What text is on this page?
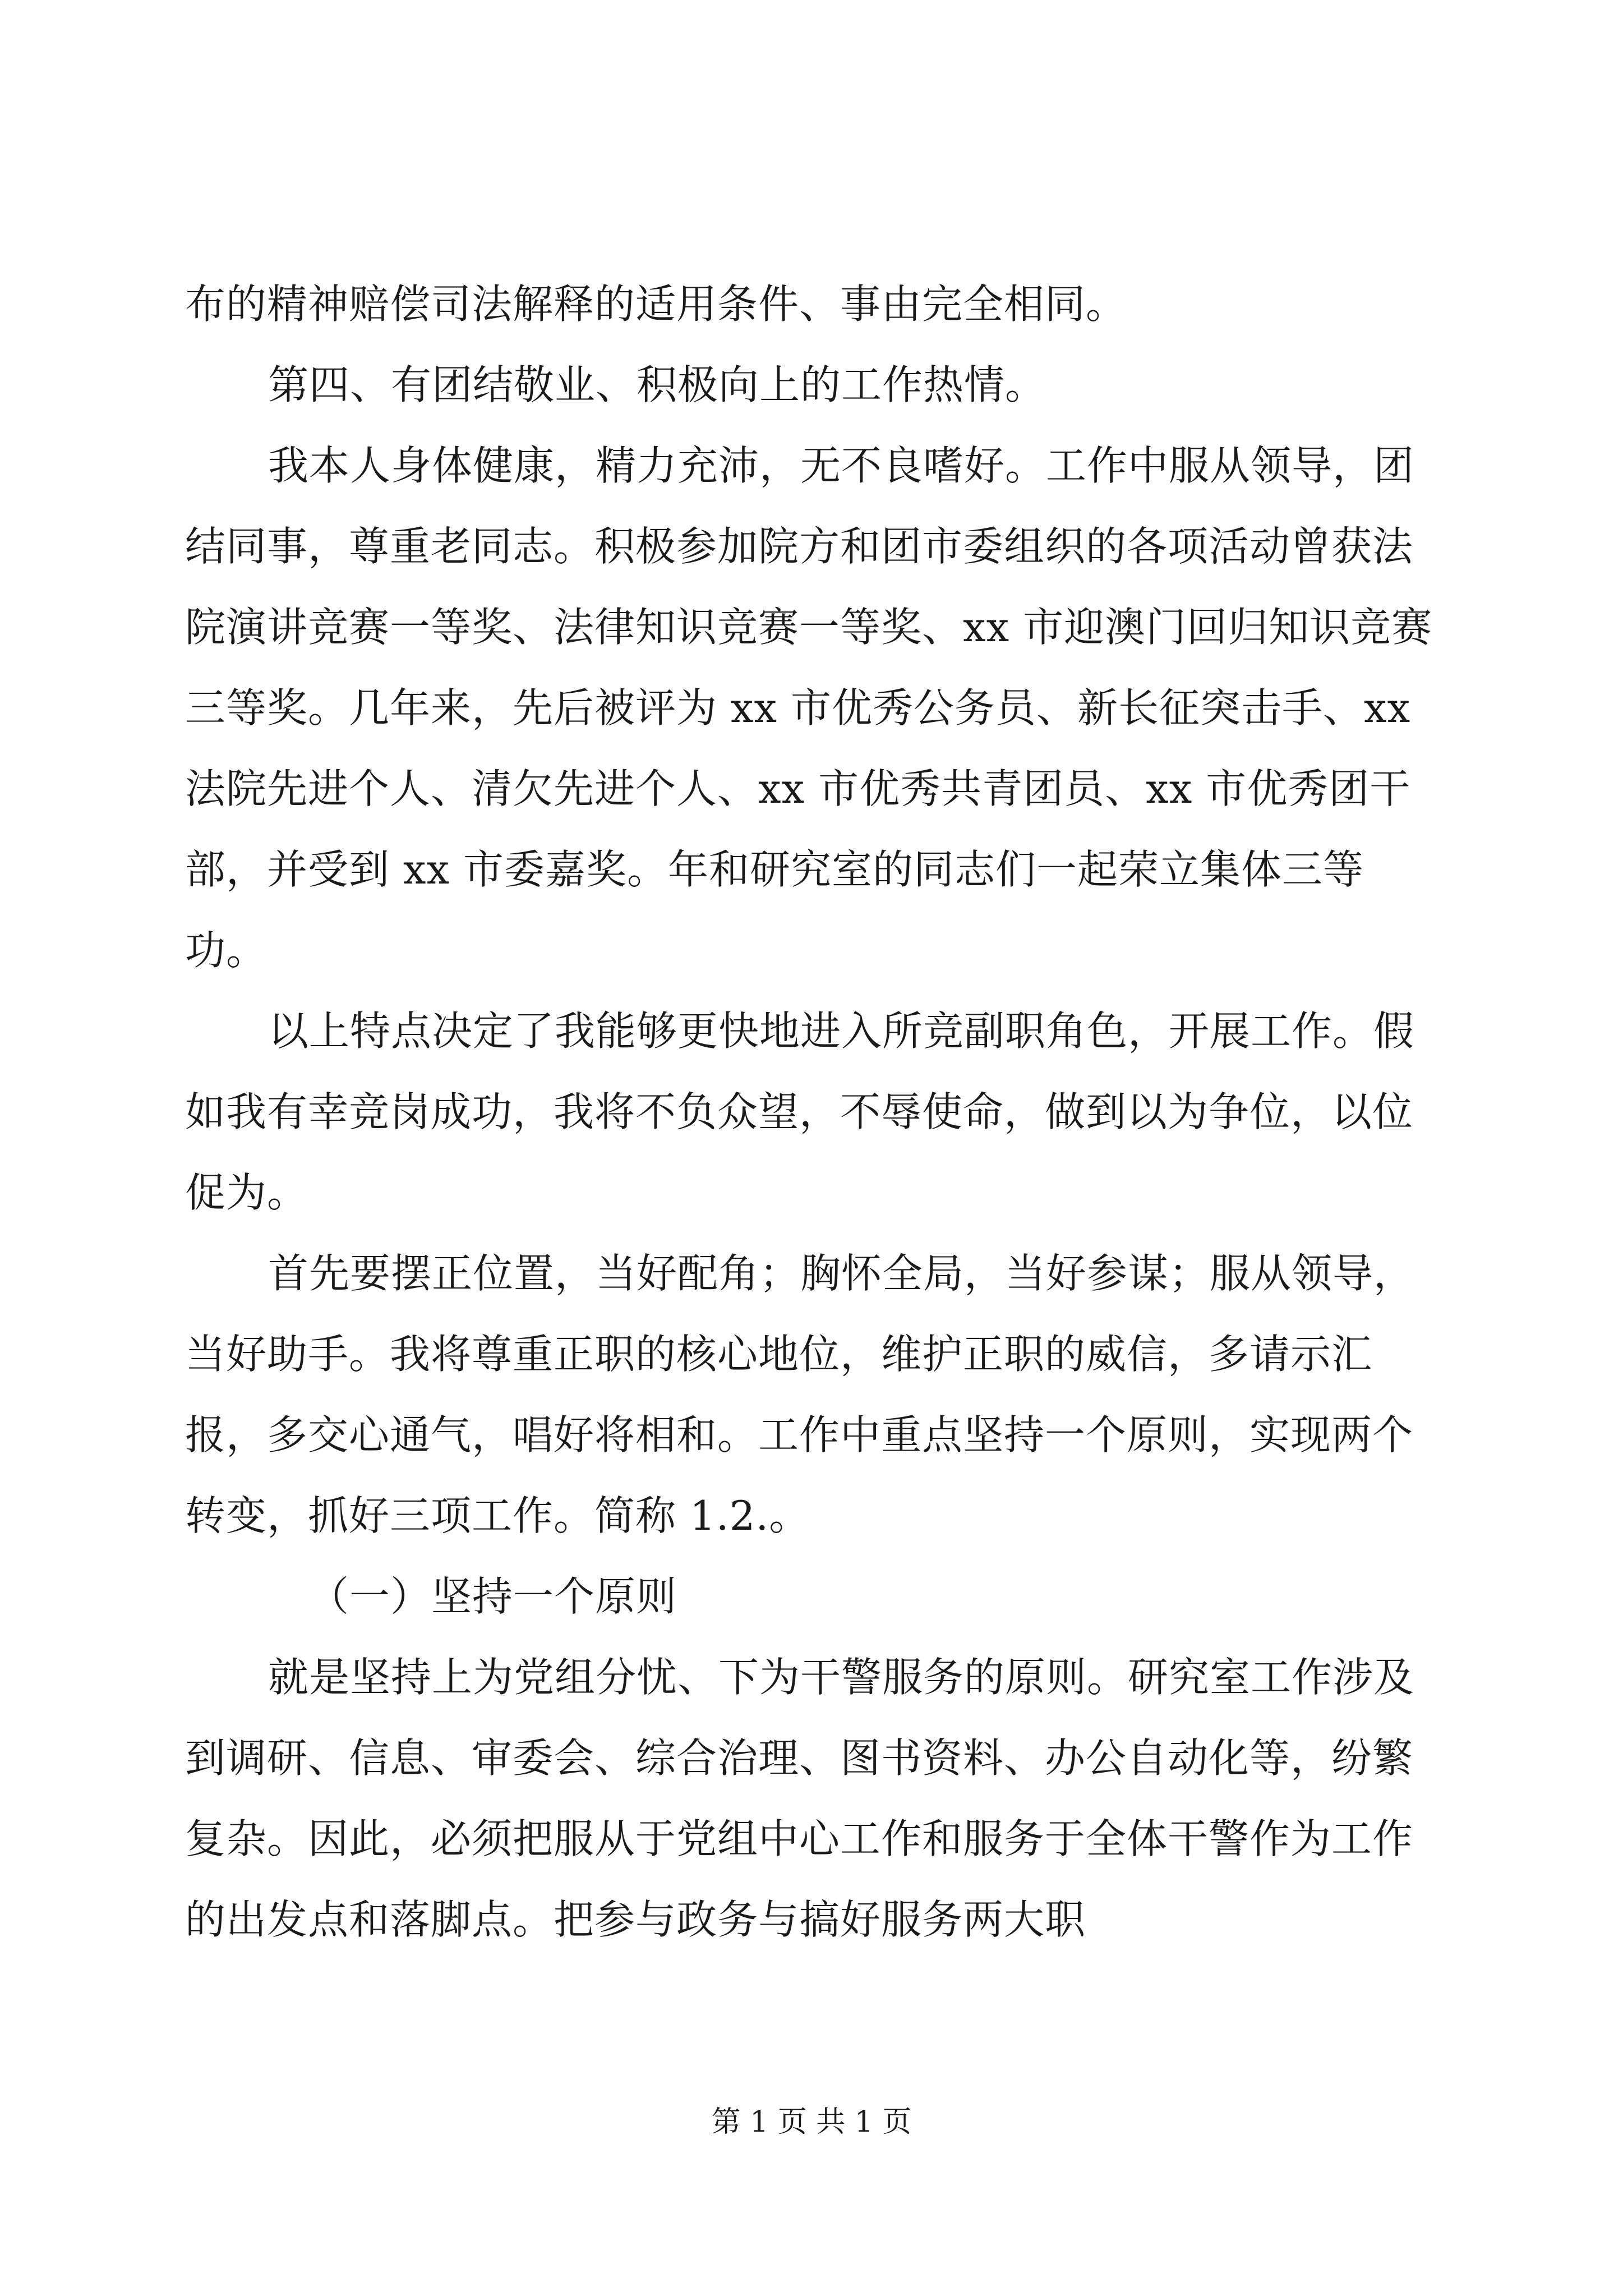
布的精神赔偿司法解释的适用条件、事由完全相同。

第四、有团结敬业、积极向上的工作热情。

我本人身体健康，精力充沛，无不良嗜好。工作中服从领导，团结同事，尊重老同志。积极参加院方和团市委组织的各项活动曾获法院演讲竞赛一等奖、法律知识竞赛一等奖、xx 市迎澳门回归知识竞赛三等奖。几年来，先后被评为 xx 市优秀公务员、新长征突击手、xx 法院先进个人、清欠先进个人、xx 市优秀共青团员、xx 市优秀团干部，并受到 xx 市委嘉奖。年和研究室的同志们一起荣立集体三等功。

以上特点决定了我能够更快地进入所竞副职角色，开展工作。假如我有幸竞岗成功，我将不负众望，不辱使命，做到以为争位，以位促为。

首先要摆正位置，当好配角；胸怀全局，当好参谋；服从领导，当好助手。我将尊重正职的核心地位，维护正职的威信，多请示汇报，多交心通气，唱好将相和。工作中重点坚持一个原则，实现两个转变，抓好三项工作。简称 1.2.。

（一）坚持一个原则

就是坚持上为党组分忧、下为干警服务的原则。研究室工作涉及到调研、信息、审委会、综合治理、图书资料、办公自动化等，纷繁复杂。因此，必须把服从于党组中心工作和服务于全体干警作为工作的出发点和落脚点。把参与政务与搞好服务两大职

第 1 页 共 1 页
